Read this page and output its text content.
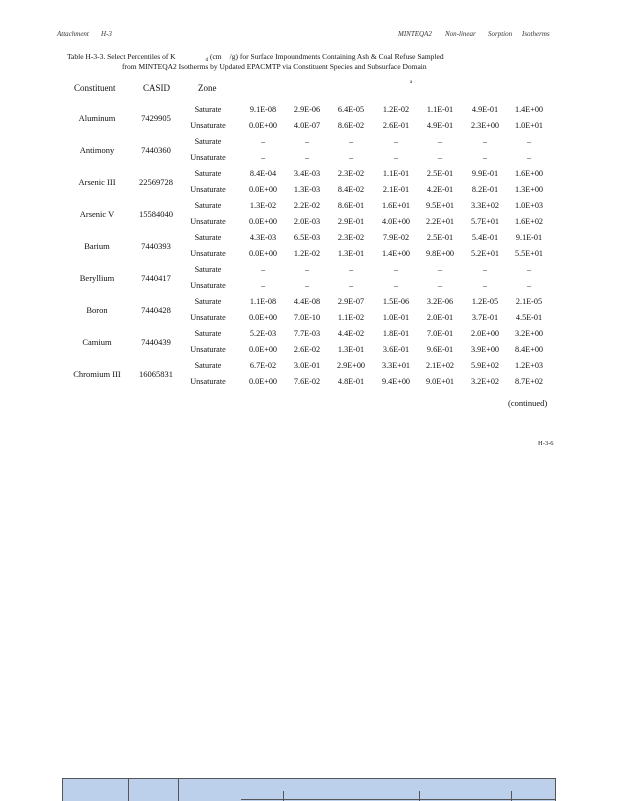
Attachment H-3	MINTEQA2 Non-linear Sorption Isotherms
Table H-3-3. Select Percentiles of K	$_d$ (cm /g) for Surface Impoundments Containing Ash & Coal Refuse Sampled
from MINTEQA2 Isotherms by Updated EPACMTP via Constituent Species and Subsurface Domain
a
Constituent	CASID	Zone
Aluminum	7429905
Saturate	9.1E-08	2.9E-06	6.4E-05	1.2E-02	1.1E-01	4.9E-01	1.4E+00
Unsaturate	0.0E+00	4.0E-07	8.6E-02	2.6E-01	4.9E-01	2.3E+00	1.0E+01
Antimony	7440360
Saturate	–	–	–	–	–	–	–
Unsaturate	–	–	–	–	–	–	–
Arsenic III	22569728
Saturate	8.4E-04	3.4E-03	2.3E-02	1.1E-01	2.5E-01	9.9E-01	1.6E+00
Unsaturate	0.0E+00	1.3E-03	8.4E-02	2.1E-01	4.2E-01	8.2E-01	1.3E+00
Arsenic V	15584040
Saturate	1.3E-02	2.2E-02	8.6E-01	1.6E+01	9.5E+01	3.3E+02	1.0E+03
Unsaturate	0.0E+00	2.0E-03	2.9E-01	4.0E+00	2.2E+01	5.7E+01	1.6E+02
Barium	7440393
Saturate	4.3E-03	6.5E-03	2.3E-02	7.9E-02	2.5E-01	5.4E-01	9.1E-01
Unsaturate	0.0E+00	1.2E-02	1.3E-01	1.4E+00	9.8E+00	5.2E+01	5.5E+01
Beryllium	7440417
Saturate	–	–	–	–	–	–	–
Unsaturate	–	–	–	–	–	–	–
Boron	7440428
Saturate	1.1E-08	4.4E-08	2.9E-07	1.5E-06	3.2E-06	1.2E-05	2.1E-05
Unsaturate	0.0E+00	7.0E-10	1.1E-02	1.0E-01	2.0E-01	3.7E-01	4.5E-01
Camium	7440439
Saturate	5.2E-03	7.7E-03	4.4E-02	1.8E-01	7.0E-01	2.0E+00	3.2E+00
Unsaturate	0.0E+00	2.6E-02	1.3E-01	3.6E-01	9.6E-01	3.9E+00	8.4E+00
Chromium III	16065831
Saturate	6.7E-02	3.0E-01	2.9E+00	3.3E+01	2.1E+02	5.9E+02	1.2E+03
Unsaturate	0.0E+00	7.6E-02	4.8E-01	9.4E+00	9.0E+01	3.2E+02	8.7E+02
(continued)
H-3-6
